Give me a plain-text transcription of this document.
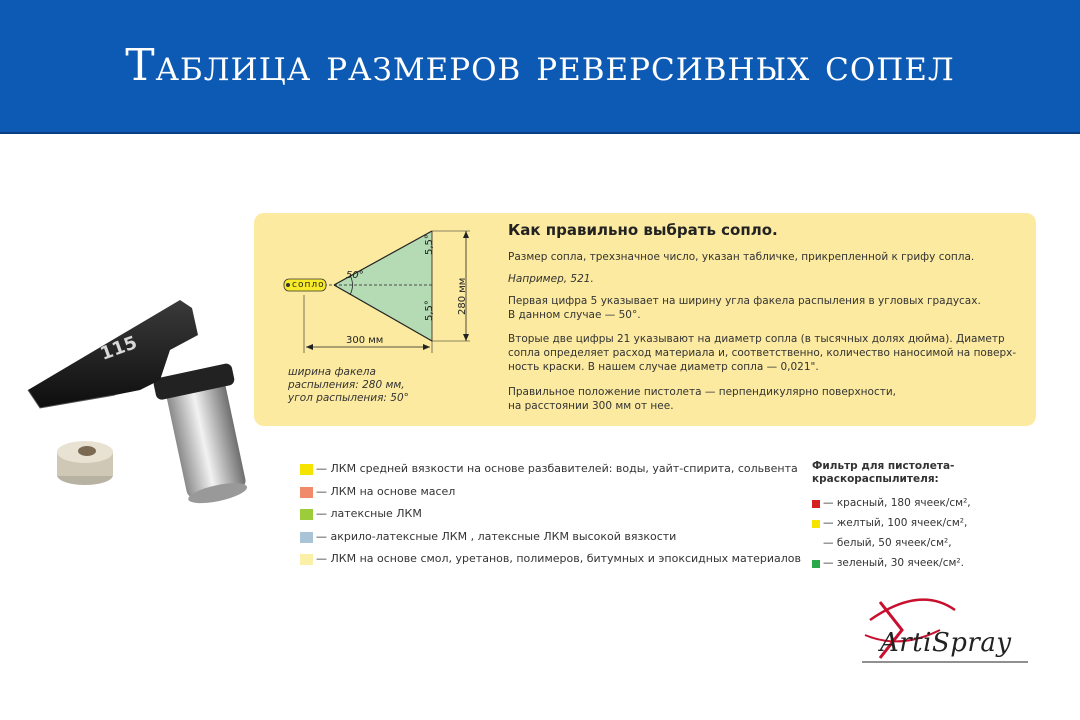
Таблица размеров реверсивных сопел
сопло
50°
5,5°
5,5° 280 мм
300 мм
ширина факела
распыления: 280 мм,
угол распыления: 50°
Как правильно выбрать сопло.
Размер сопла, трехзначное число, указан табличке, прикрепленной к грифу сопла.
Например, 521.
Первая цифра 5 указывает на ширину угла факела распыления в угловых градусах.
В данном случае — 50°.
Вторые две цифры 21 указывают на диаметр сопла (в тысячных долях дюйма). Диаметр
сопла определяет расход материала и, соответственно, количество наносимой на поверх-
ность краски. В нашем случае диаметр сопла — 0,021".
Правильное положение пистолета — перпендикулярно поверхности,
на расстоянии 300 мм от нее.
115
— ЛКМ средней вязкости на основе разбавителей: воды, уайт-спирита, сольвента
— ЛКМ на основе масел
— латексные ЛКМ
— акрило-латексные ЛКМ , латексные ЛКМ высокой вязкости
— ЛКМ на основе смол, уретанов, полимеров, битумных и эпоксидных материалов
Фильтр для пистолета-краскораспылителя:
— красный, 180 ячеек/см²,
— желтый, 100 ячеек/см²,
— белый, 50 ячеек/см²,
— зеленый, 30 ячеек/см².
ArtiSpray
